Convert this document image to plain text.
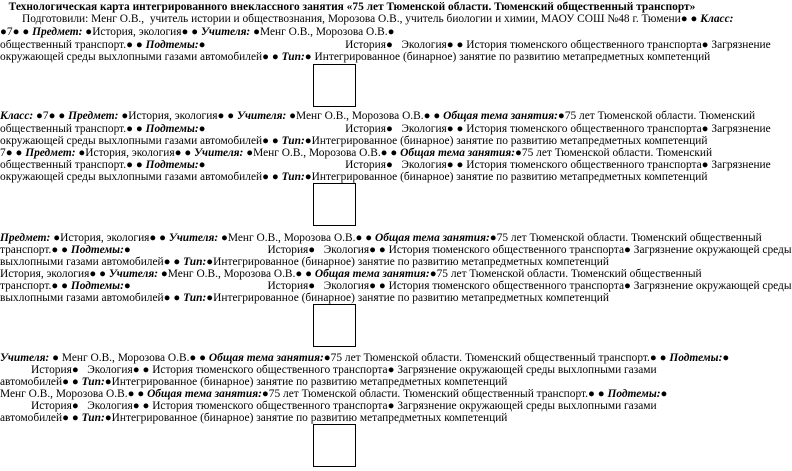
Технологическая карта интегрированного внеклассного занятия «75 лет Тюменской области. Тюменский общественный транспорт»
Подготовили: Менг О.В.,  учитель истории и обществознания, Морозова О.В., учитель биологии и химии, МАОУ СОШ №48 г. Тюмени● ● Класс:
●7● ● Предмет: ●История, экология● ● Учителя: ●Менг О.В., Морозова О.В.●
общественный транспорт.● ● Подтемы:●	История● Экология● ● История тюменского общественного транспорта● Загрязнение
окружающей среды выхлопными газами автомобилей● ● Тип:● Интегрированное (бинарное) занятие по развитию метапредметных компетенций
Класс: ●7● ● Предмет: ●История, экология● ● Учителя: ●Менг О.В., Морозова О.В.● ● Общая тема занятия:●75 лет Тюменской области. Тюменский
общественный транспорт.● ● Подтемы:●	История● Экология● ● История тюменского общественного транспорта● Загрязнение
окружающей среды выхлопными газами автомобилей● ● Тип:●Интегрированное (бинарное) занятие по развитию метапредметных компетенций
7● ● Предмет: ●История, экология● ● Учителя: ●Менг О.В., Морозова О.В.● ● Общая тема занятия:●75 лет Тюменской области. Тюменский
общественный транспорт.● ● Подтемы:●	История● Экология● ● История тюменского общественного транспорта● Загрязнение
окружающей среды выхлопными газами автомобилей● ● Тип:●Интегрированное (бинарное) занятие по развитию метапредметных компетенций
Предмет: ●История, экология● ● Учителя: ●Менг О.В., Морозова О.В.● ● Общая тема занятия:●75 лет Тюменской области. Тюменский общественный
транспорт.● ● Подтемы:●	История● Экология● ● История тюменского общественного транспорта● Загрязнение окружающей среды
выхлопными газами автомобилей● ● Тип:●Интегрированное (бинарное) занятие по развитию метапредметных компетенций
История, экология● ● Учителя: ●Менг О.В., Морозова О.В.● ● Общая тема занятия:●75 лет Тюменской области. Тюменский общественный
транспорт.● ● Подтемы:●	История● Экология● ● История тюменского общественного транспорта● Загрязнение окружающей среды
выхлопными газами автомобилей● ● Тип:●Интегрированное (бинарное) занятие по развитию метапредметных компетенций
Учителя: ● Менг О.В., Морозова О.В.● ● Общая тема занятия:●75 лет Тюменской области. Тюменский общественный транспорт.● ● Подтемы:●
История● Экология● ● История тюменского общественного транспорта● Загрязнение окружающей среды выхлопными газами
автомобилей● ● Тип:●Интегрированное (бинарное) занятие по развитию метапредметных компетенций
Менг О.В., Морозова О.В.● ● Общая тема занятия:●75 лет Тюменской области. Тюменский общественный транспорт.● ● Подтемы:●
История● Экология● ● История тюменского общественного транспорта● Загрязнение окружающей среды выхлопными газами
автомобилей● ● Тип:●Интегрированное (бинарное) занятие по развитию метапредметных компетенций
